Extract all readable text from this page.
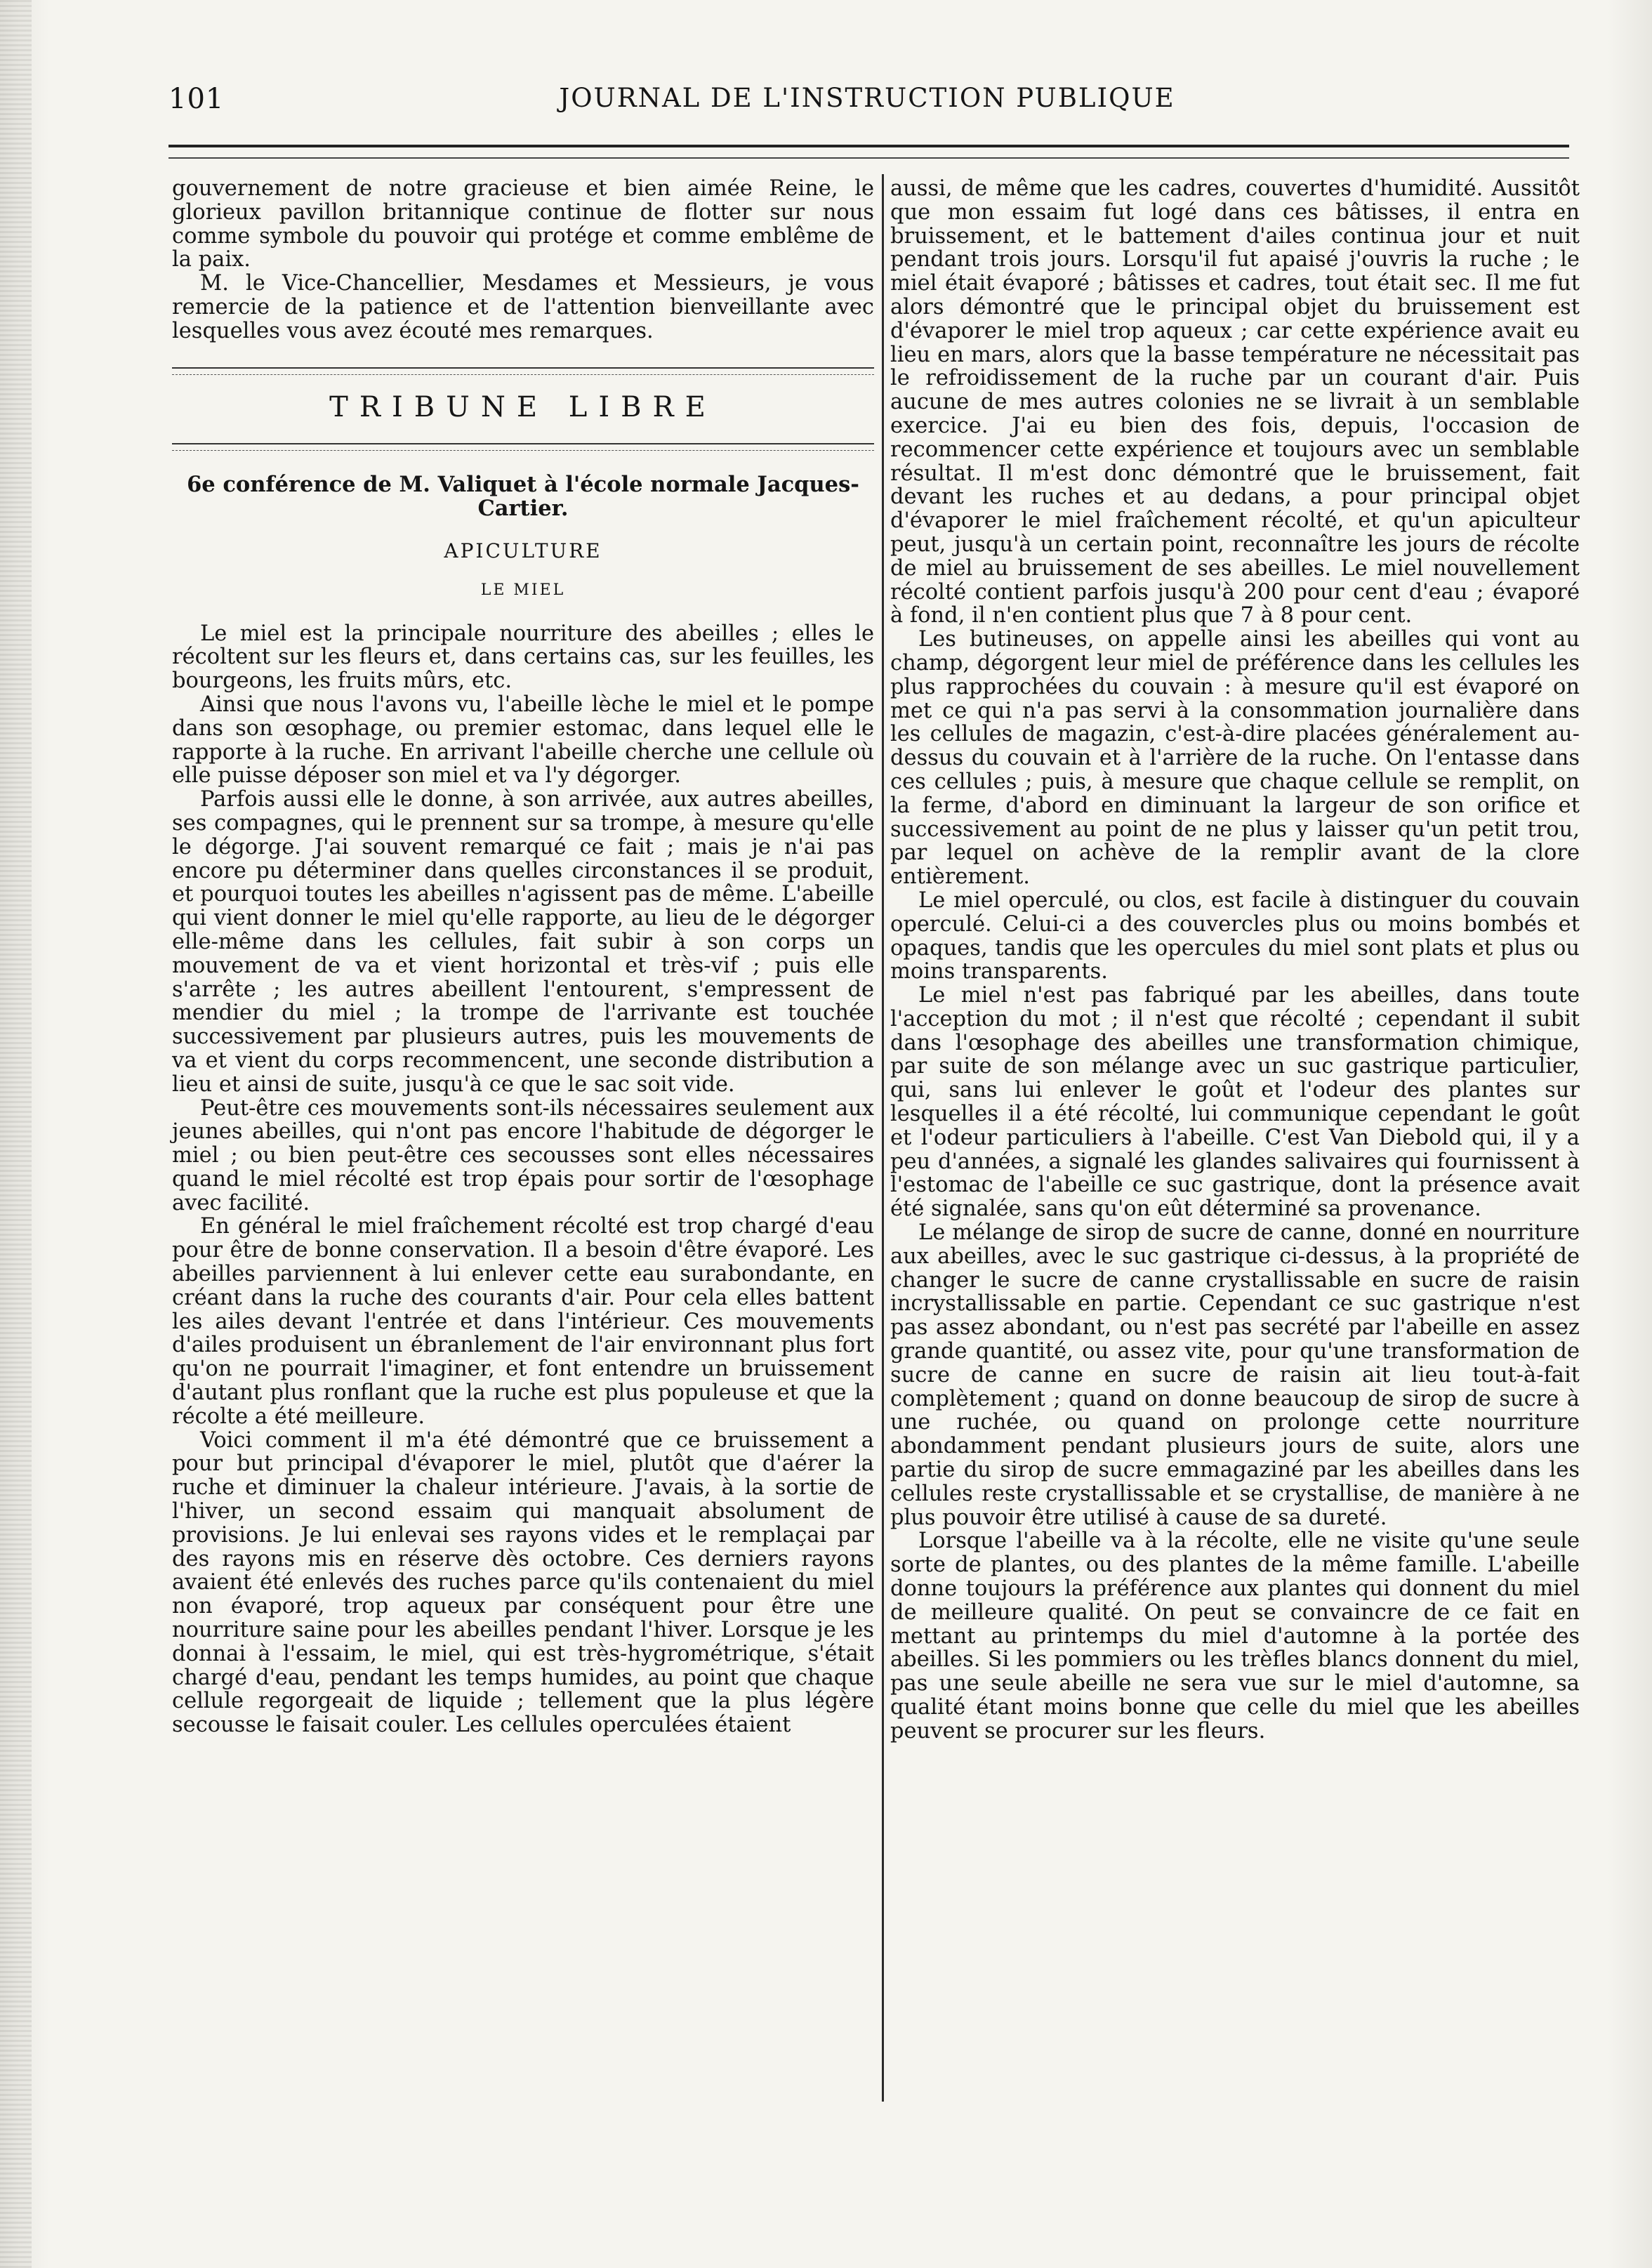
101	JOURNAL DE L'INSTRUCTION PUBLIQUE

gouvernement de notre gracieuse et bien aimée Reine, le glorieux pavillon britannique continue de flotter sur nous comme symbole du pouvoir qui protége et comme emblême de la paix.

M. le Vice-Chancellier, Mesdames et Messieurs, je vous remercie de la patience et de l'attention bienveillante avec lesquelles vous avez écouté mes remarques.

TRIBUNE LIBRE
6e conférence de M. Valiquet à l'école normale Jacques-Cartier.
APICULTURE
LE MIEL

Le miel est la principale nourriture des abeilles ; elles le récoltent sur les fleurs et, dans certains cas, sur les feuilles, les bourgeons, les fruits mûrs, etc.

Ainsi que nous l'avons vu, l'abeille lèche le miel et le pompe dans son œsophage, ou premier estomac, dans lequel elle le rapporte à la ruche. En arrivant l'abeille cherche une cellule où elle puisse déposer son miel et va l'y dégorger.

Parfois aussi elle le donne, à son arrivée, aux autres abeilles, ses compagnes, qui le prennent sur sa trompe, à mesure qu'elle le dégorge. J'ai souvent remarqué ce fait ; mais je n'ai pas encore pu déterminer dans quelles circonstances il se produit, et pourquoi toutes les abeilles n'agissent pas de même. L'abeille qui vient donner le miel qu'elle rapporte, au lieu de le dégorger elle-même dans les cellules, fait subir à son corps un mouvement de va et vient horizontal et très-vif ; puis elle s'arrête ; les autres abeillent l'entourent, s'empressent de mendier du miel ; la trompe de l'arrivante est touchée successivement par plusieurs autres, puis les mouvements de va et vient du corps recommencent, une seconde distribution a lieu et ainsi de suite, jusqu'à ce que le sac soit vide.

Peut-être ces mouvements sont-ils nécessaires seulement aux jeunes abeilles, qui n'ont pas encore l'habitude de dégorger le miel ; ou bien peut-être ces secousses sont elles nécessaires quand le miel récolté est trop épais pour sortir de l'œsophage avec facilité.

En général le miel fraîchement récolté est trop chargé d'eau pour être de bonne conservation. Il a besoin d'être évaporé. Les abeilles parviennent à lui enlever cette eau surabondante, en créant dans la ruche des courants d'air. Pour cela elles battent les ailes devant l'entrée et dans l'intérieur. Ces mouvements d'ailes produisent un ébranlement de l'air environnant plus fort qu'on ne pourrait l'imaginer, et font entendre un bruissement d'autant plus ronflant que la ruche est plus populeuse et que la récolte a été meilleure.

Voici comment il m'a été démontré que ce bruissement a pour but principal d'évaporer le miel, plutôt que d'aérer la ruche et diminuer la chaleur intérieure. J'avais, à la sortie de l'hiver, un second essaim qui manquait absolument de provisions. Je lui enlevai ses rayons vides et le remplaçai par des rayons mis en réserve dès octobre. Ces derniers rayons avaient été enlevés des ruches parce qu'ils contenaient du miel non évaporé, trop aqueux par conséquent pour être une nourriture saine pour les abeilles pendant l'hiver. Lorsque je les donnai à l'essaim, le miel, qui est très-hygrométrique, s'était chargé d'eau, pendant les temps humides, au point que chaque cellule regorgeait de liquide ; tellement que la plus légère secousse le faisait couler. Les cellules operculées étaient

aussi, de même que les cadres, couvertes d'humidité. Aussitôt que mon essaim fut logé dans ces bâtisses, il entra en bruissement, et le battement d'ailes continua jour et nuit pendant trois jours. Lorsqu'il fut apaisé j'ouvris la ruche ; le miel était évaporé ; bâtisses et cadres, tout était sec. Il me fut alors démontré que le principal objet du bruissement est d'évaporer le miel trop aqueux ; car cette expérience avait eu lieu en mars, alors que la basse température ne nécessitait pas le refroidissement de la ruche par un courant d'air. Puis aucune de mes autres colonies ne se livrait à un semblable exercice. J'ai eu bien des fois, depuis, l'occasion de recommencer cette expérience et toujours avec un semblable résultat. Il m'est donc démontré que le bruissement, fait devant les ruches et au dedans, a pour principal objet d'évaporer le miel fraîchement récolté, et qu'un apiculteur peut, jusqu'à un certain point, reconnaître les jours de récolte de miel au bruissement de ses abeilles. Le miel nouvellement récolté contient parfois jusqu'à 200 pour cent d'eau ; évaporé à fond, il n'en contient plus que 7 à 8 pour cent.

Les butineuses, on appelle ainsi les abeilles qui vont au champ, dégorgent leur miel de préférence dans les cellules les plus rapprochées du couvain : à mesure qu'il est évaporé on met ce qui n'a pas servi à la consommation journalière dans les cellules de magazin, c'est-à-dire placées généralement au-dessus du couvain et à l'arrière de la ruche. On l'entasse dans ces cellules ; puis, à mesure que chaque cellule se remplit, on la ferme, d'abord en diminuant la largeur de son orifice et successivement au point de ne plus y laisser qu'un petit trou, par lequel on achève de la remplir avant de la clore entièrement.

Le miel operculé, ou clos, est facile à distinguer du couvain operculé. Celui-ci a des couvercles plus ou moins bombés et opaques, tandis que les opercules du miel sont plats et plus ou moins transparents.

Le miel n'est pas fabriqué par les abeilles, dans toute l'acception du mot ; il n'est que récolté ; cependant il subit dans l'œsophage des abeilles une transformation chimique, par suite de son mélange avec un suc gastrique particulier, qui, sans lui enlever le goût et l'odeur des plantes sur lesquelles il a été récolté, lui communique cependant le goût et l'odeur particuliers à l'abeille. C'est Van Diebold qui, il y a peu d'années, a signalé les glandes salivaires qui fournissent à l'estomac de l'abeille ce suc gastrique, dont la présence avait été signalée, sans qu'on eût déterminé sa provenance.

Le mélange de sirop de sucre de canne, donné en nourriture aux abeilles, avec le suc gastrique ci-dessus, à la propriété de changer le sucre de canne crystallissable en sucre de raisin incrystallissable en partie. Cependant ce suc gastrique n'est pas assez abondant, ou n'est pas secrété par l'abeille en assez grande quantité, ou assez vite, pour qu'une transformation de sucre de canne en sucre de raisin ait lieu tout-à-fait complètement ; quand on donne beaucoup de sirop de sucre à une ruchée, ou quand on prolonge cette nourriture abondamment pendant plusieurs jours de suite, alors une partie du sirop de sucre emmagaziné par les abeilles dans les cellules reste crystallissable et se crystallise, de manière à ne plus pouvoir être utilisé à cause de sa dureté.

Lorsque l'abeille va à la récolte, elle ne visite qu'une seule sorte de plantes, ou des plantes de la même famille. L'abeille donne toujours la préférence aux plantes qui donnent du miel de meilleure qualité. On peut se convaincre de ce fait en mettant au printemps du miel d'automne à la portée des abeilles. Si les pommiers ou les trèfles blancs donnent du miel, pas une seule abeille ne sera vue sur le miel d'automne, sa qualité étant moins bonne que celle du miel que les abeilles peuvent se procurer sur les fleurs.
